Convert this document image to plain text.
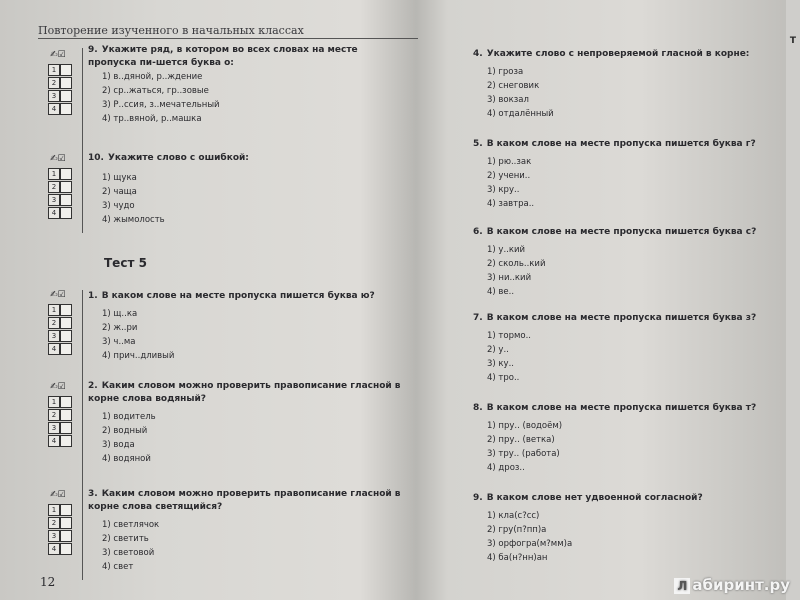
Повторение изученного в начальных классах
✍☑
1
2
3
4
✍☑
1
2
3
4
✍☑
1
2
3
4
✍☑
1
2
3
4
✍☑
1
2
3
4
9. Укажите ряд, в котором во всех словах на месте пропуска пи-шется буква о:
1) в..дяной, р..ждение
2) ср..жаться, гр..зовые
3) Р..ссия, з..мечательный
4) тр..вяной, р..машка
10. Укажите слово с ошибкой:
1) щука
2) чаща
3) чудо
4) жымолость
Тест 5
1. В каком слове на месте пропуска пишется буква ю?
1) щ..ка
2) ж..ри
3) ч..ма
4) прич..дливый
2. Каким словом можно проверить правописание гласной в корне слова водяный?
1) водитель
2) водный
3) вода
4) водяной
3. Каким словом можно проверить правописание гласной в корне слова светящийся?
1) светлячок
2) светить
3) световой
4) свет
12
4. Укажите слово с непроверяемой гласной в корне:
1) гроза
2) снеговик
3) вокзал
4) отдалённый
5. В каком слове на месте пропуска пишется буква г?
1) рю..зак
2) учени..
3) кру..
4) завтра..
6. В каком слове на месте пропуска пишется буква с?
1) у..кий
2) сколь..кий
3) ни..кий
4) ве..
7. В каком слове на месте пропуска пишется буква з?
1) тормо..
2) у..
3) ку..
4) тро..
8. В каком слове на месте пропуска пишется буква т?
1) пру.. (водоём)
2) пру.. (ветка)
3) тру.. (работа)
4) дроз..
9. В каком слове нет удвоенной согласной?
1) кла(с?сс)
2) гру(п?пп)а
3) орфогра(м?мм)а
4) ба(н?нн)ан
Т
Л абиринт.ру
